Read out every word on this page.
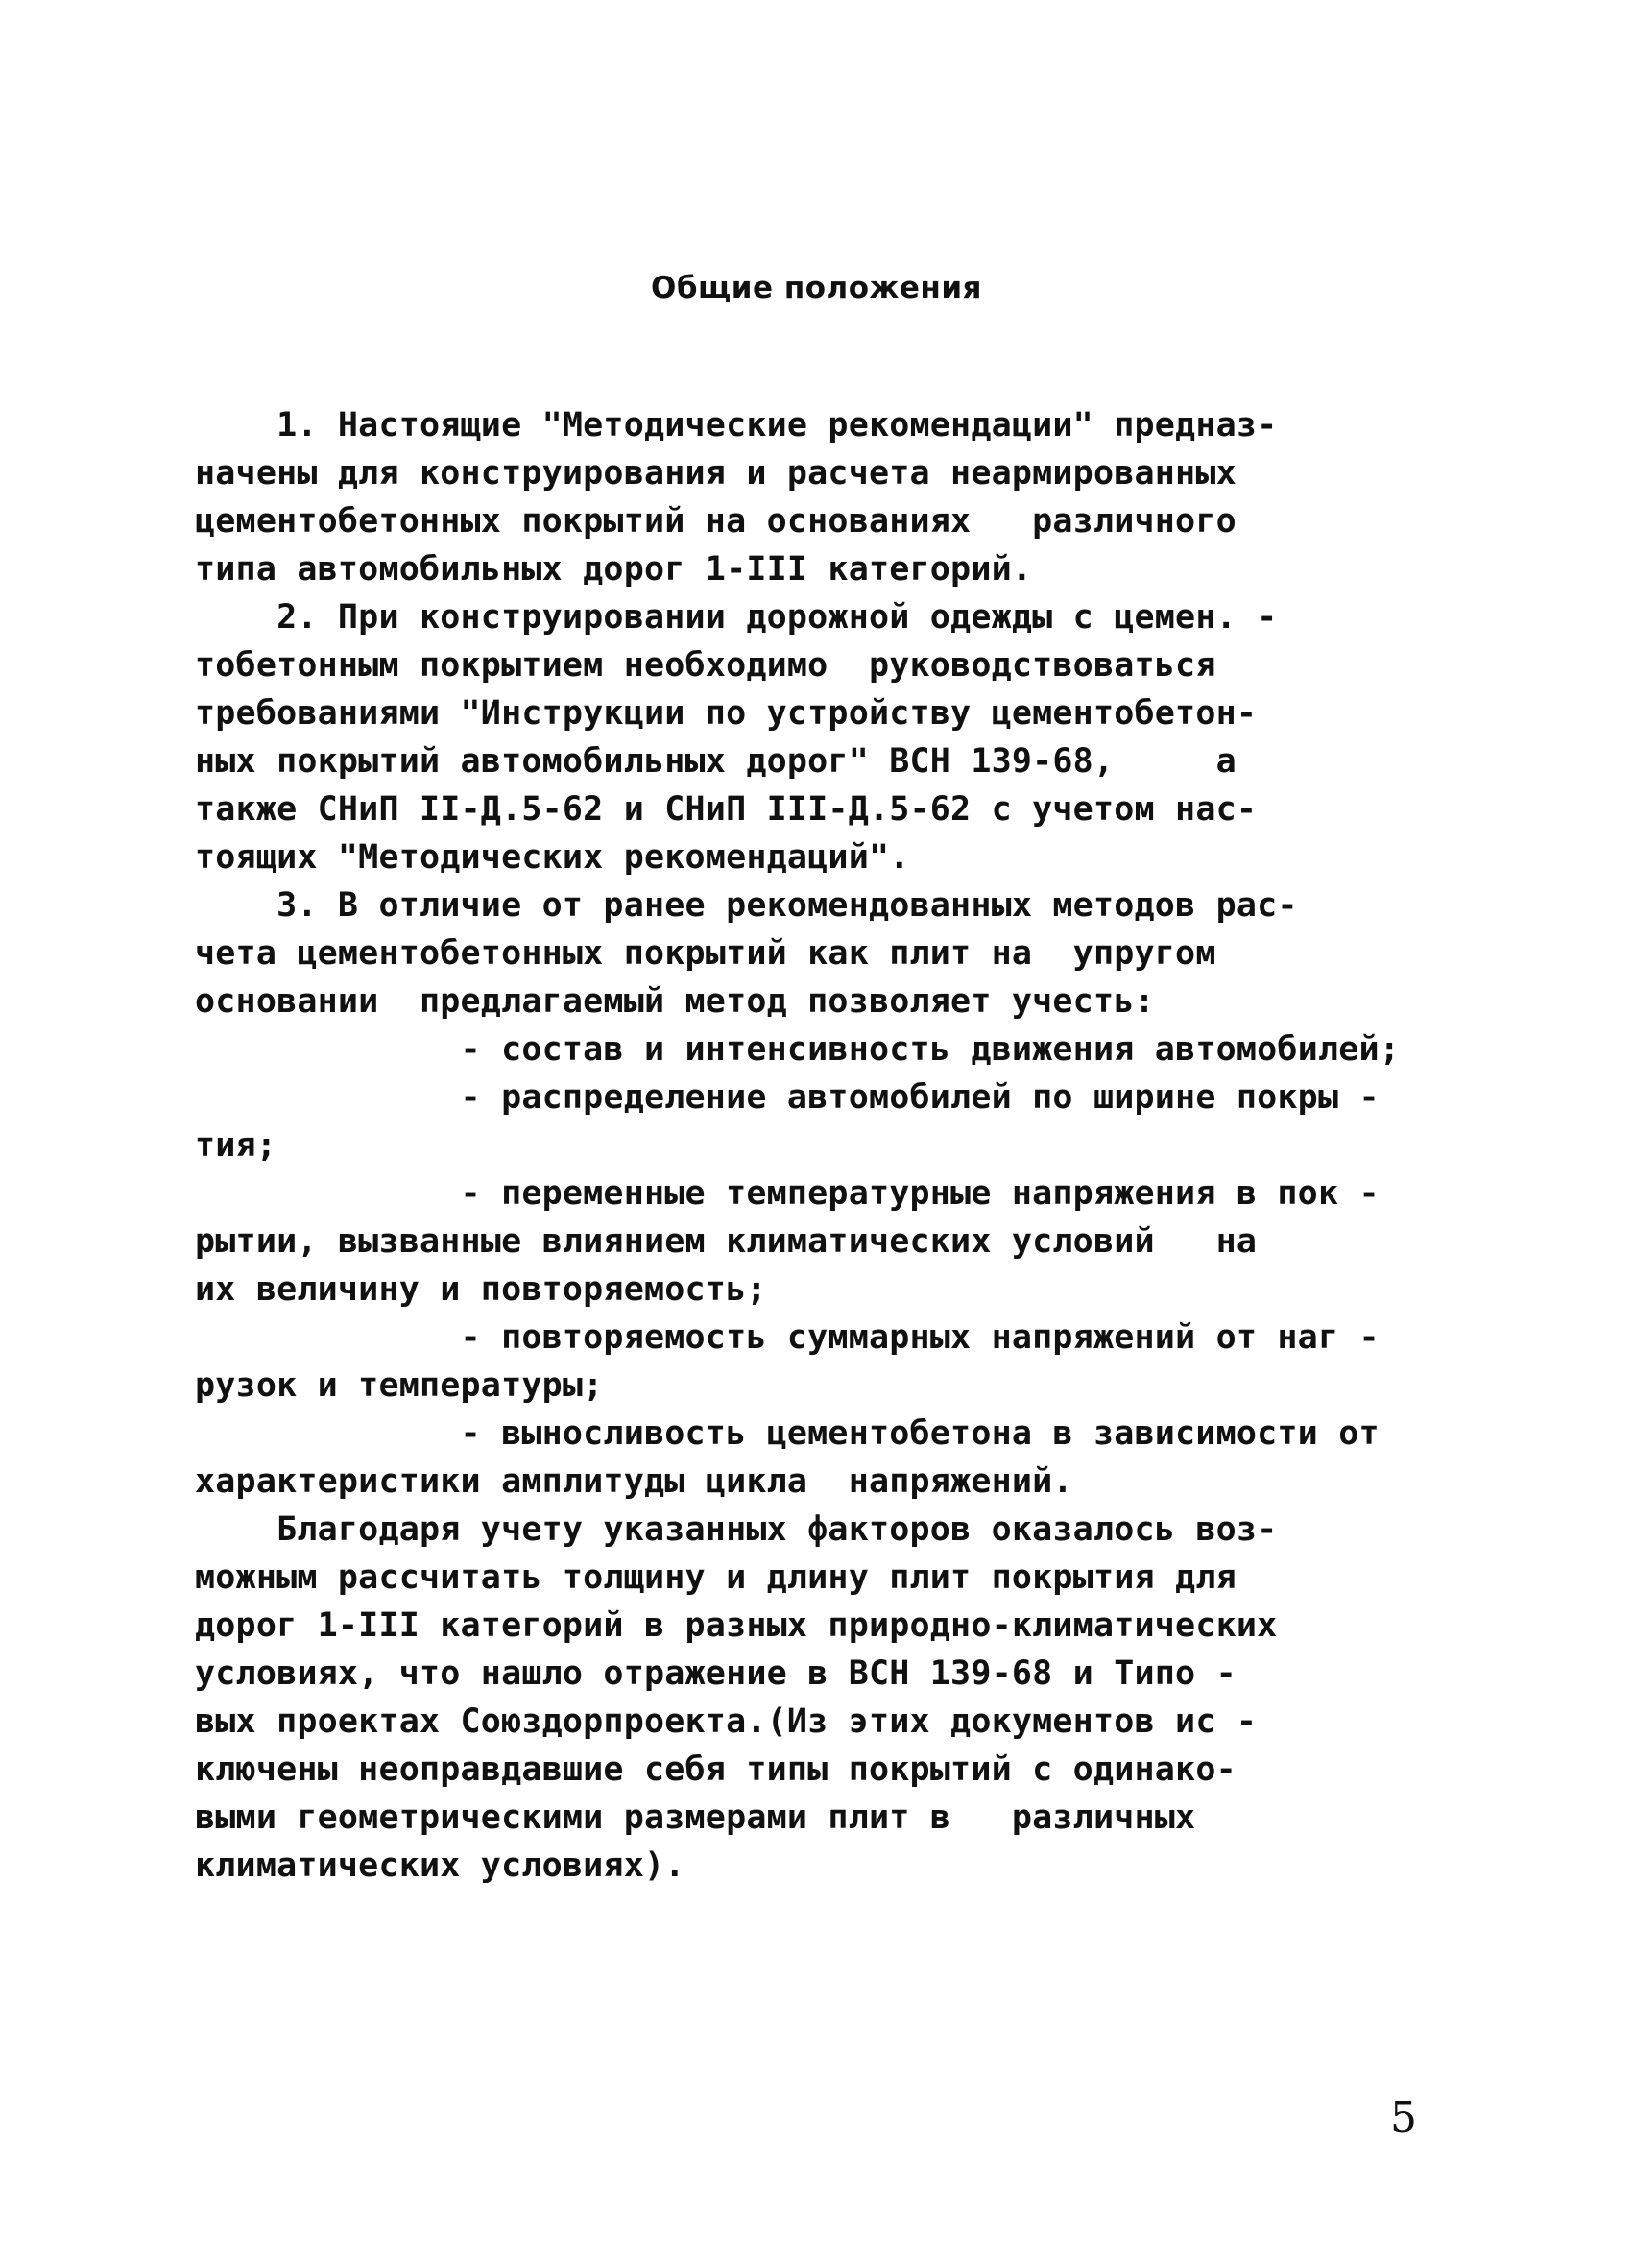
Общие положения
1. Настоящие "Методические рекомендации" предназ-
начены для конструирования и расчета неармированных
цементобетонных покрытий на основаниях   различного
типа автомобильных дорог 1-III категорий.
2. При конструировании дорожной одежды с цемен. -
тобетонным покрытием необходимо  руководствоваться
требованиями "Инструкции по устройству цементобетон-
ных покрытий автомобильных дорог" ВСН 139-68,     а
также СНиП II-Д.5-62 и СНиП III-Д.5-62 с учетом нас-
тоящих "Методических рекомендаций".
3. В отличие от ранее рекомендованных методов рас-
чета цементобетонных покрытий как плит на  упругом
основании  предлагаемый метод позволяет учесть:
- состав и интенсивность движения автомобилей;
- распределение автомобилей по ширине покры -
тия;
- переменные температурные напряжения в пок -
рытии, вызванные влиянием климатических условий   на
их величину и повторяемость;
- повторяемость суммарных напряжений от наг -
рузок и температуры;
- выносливость цементобетона в зависимости от
характеристики амплитуды цикла  напряжений.
Благодаря учету указанных факторов оказалось воз-
можным рассчитать толщину и длину плит покрытия для
дорог 1-III категорий в разных природно-климатических
условиях, что нашло отражение в ВСН 139-68 и Типо -
вых проектах Союздорпроекта.(Из этих документов ис -
ключены неоправдавшие себя типы покрытий с одинако-
выми геометрическими размерами плит в   различных
климатических условиях).
5
